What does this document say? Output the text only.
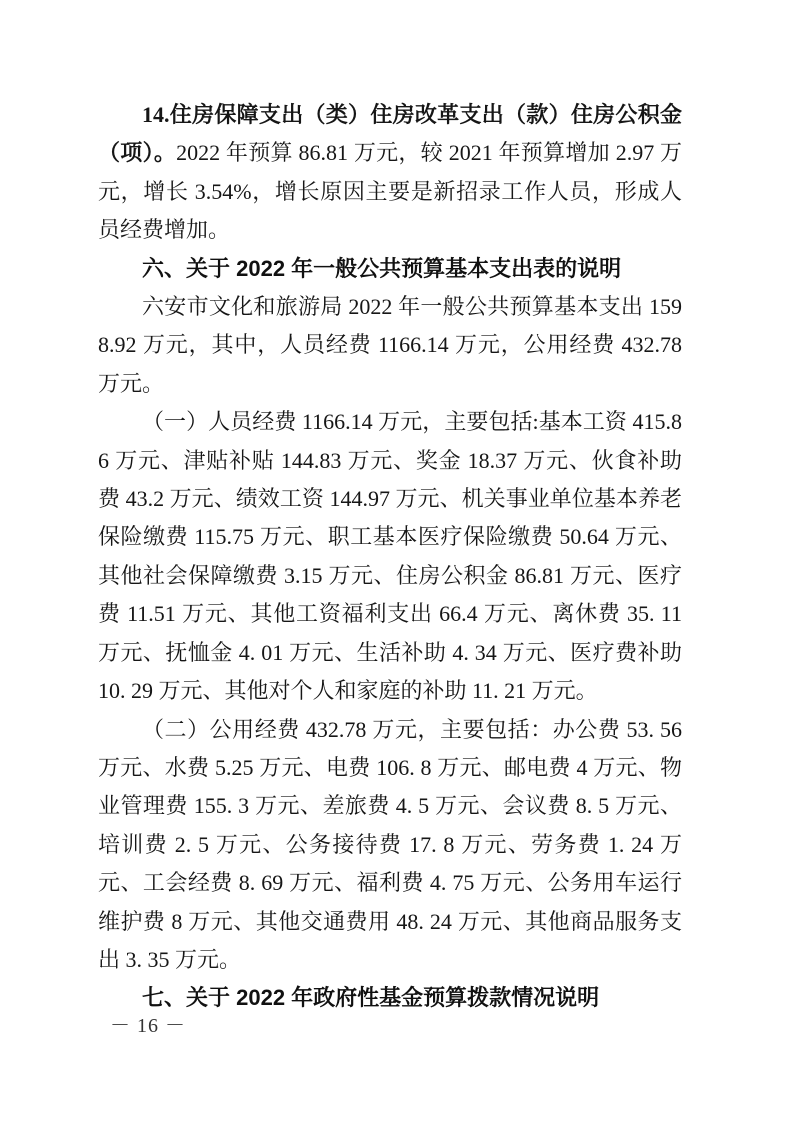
14.住房保障支出（类）住房改革支出（款）住房公积金（项）。2022 年预算 86.81 万元，较 2021 年预算增加 2.97 万元，增长 3.54%，增长原因主要是新招录工作人员，形成人员经费增加。

六、关于 2022 年一般公共预算基本支出表的说明

六安市文化和旅游局 2022 年一般公共预算基本支出 1598.92 万元，其中，人员经费 1166.14 万元，公用经费 432.78 万元。

（一）人员经费 1166.14 万元，主要包括:基本工资 415.86 万元、津贴补贴 144.83 万元、奖金 18.37 万元、伙食补助费 43.2 万元、绩效工资 144.97 万元、机关事业单位基本养老保险缴费 115.75 万元、职工基本医疗保险缴费 50.64 万元、其他社会保障缴费 3.15 万元、住房公积金 86.81 万元、医疗费 11.51 万元、其他工资福利支出 66.4 万元、离休费 35. 11 万元、抚恤金 4. 01 万元、生活补助 4. 34 万元、医疗费补助 10. 29 万元、其他对个人和家庭的补助 11. 21 万元。

（二）公用经费 432.78 万元，主要包括：办公费 53. 56 万元、水费 5.25 万元、电费 106. 8 万元、邮电费 4 万元、物业管理费 155. 3 万元、差旅费 4. 5 万元、会议费 8. 5 万元、培训费 2. 5 万元、公务接待费 17. 8 万元、劳务费 1. 24 万元、工会经费 8. 69 万元、福利费 4. 75 万元、公务用车运行维护费 8 万元、其他交通费用 48. 24 万元、其他商品服务支出 3. 35 万元。

七、关于 2022 年政府性基金预算拨款情况说明
－ 16 －
